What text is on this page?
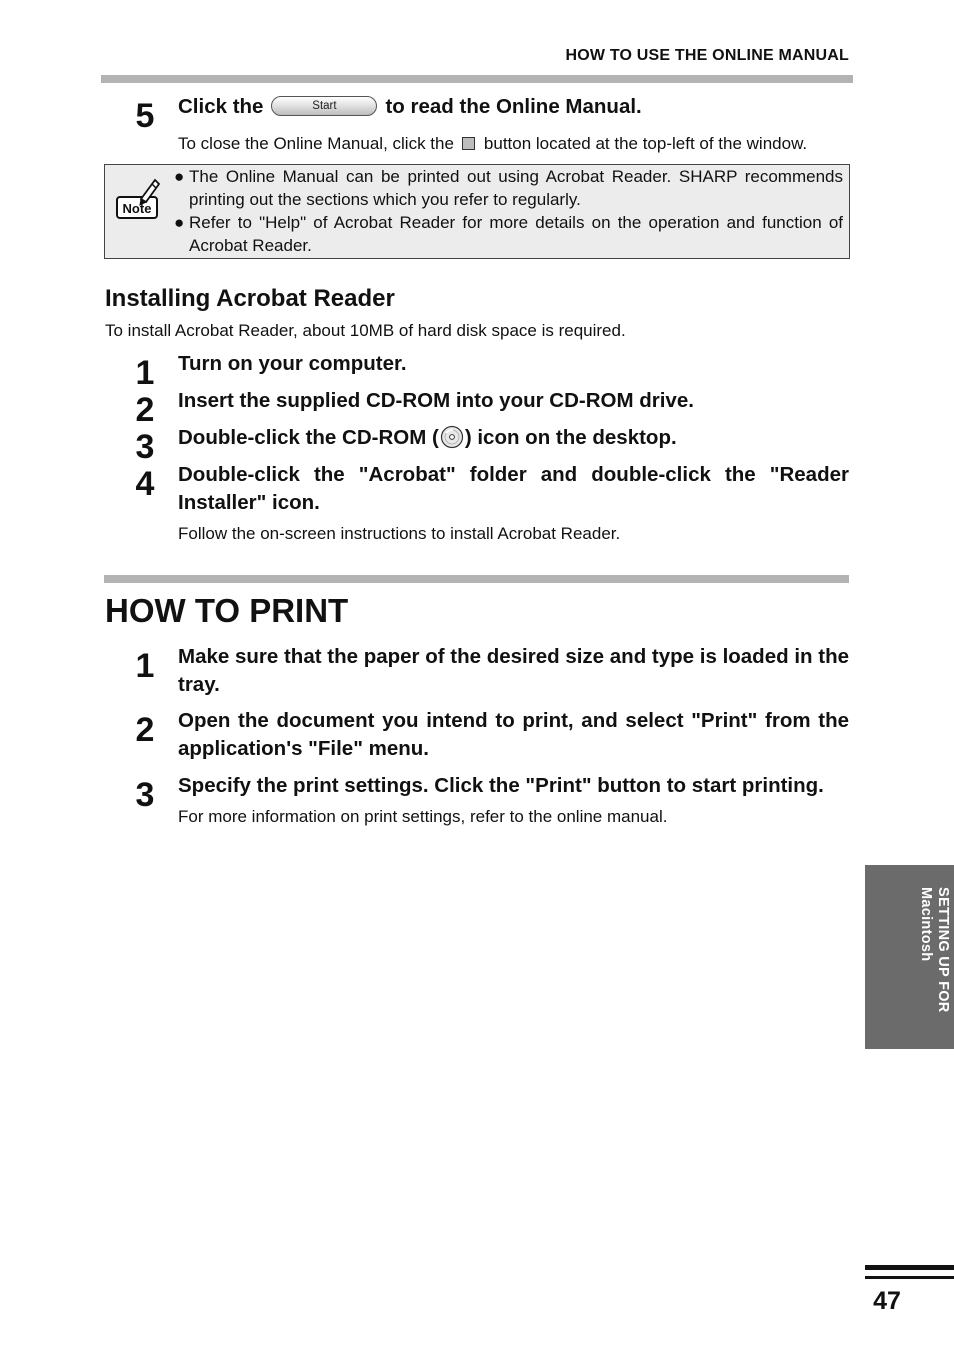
HOW TO USE THE ONLINE MANUAL
5 Click the	Start to read the Online Manual.
To close the Online Manual, click the button located at the top-left of the window.
Note
● The Online Manual can be printed out using Acrobat Reader. SHARP recommends printing out the sections which you refer to regularly.
● Refer to "Help" of Acrobat Reader for more details on the operation and function of Acrobat Reader.
Installing Acrobat Reader
To install Acrobat Reader, about 10MB of hard disk space is required.
1 Turn on your computer.
2 Insert the supplied CD-ROM into your CD-ROM drive.
3 Double-click the CD-ROM ( ) icon on the desktop.
4 Double-click the "Acrobat" folder and double-click the "Reader Installer" icon.
Follow the on-screen instructions to install Acrobat Reader.
HOW TO PRINT
1 Make sure that the paper of the desired size and type is loaded in the tray.
2 Open the document you intend to print, and select "Print" from the application's "File" menu.
3 Specify the print settings. Click the "Print" button to start printing.
For more information on print settings, refer to the online manual.
SETTING UP FOR
Macintosh
47
